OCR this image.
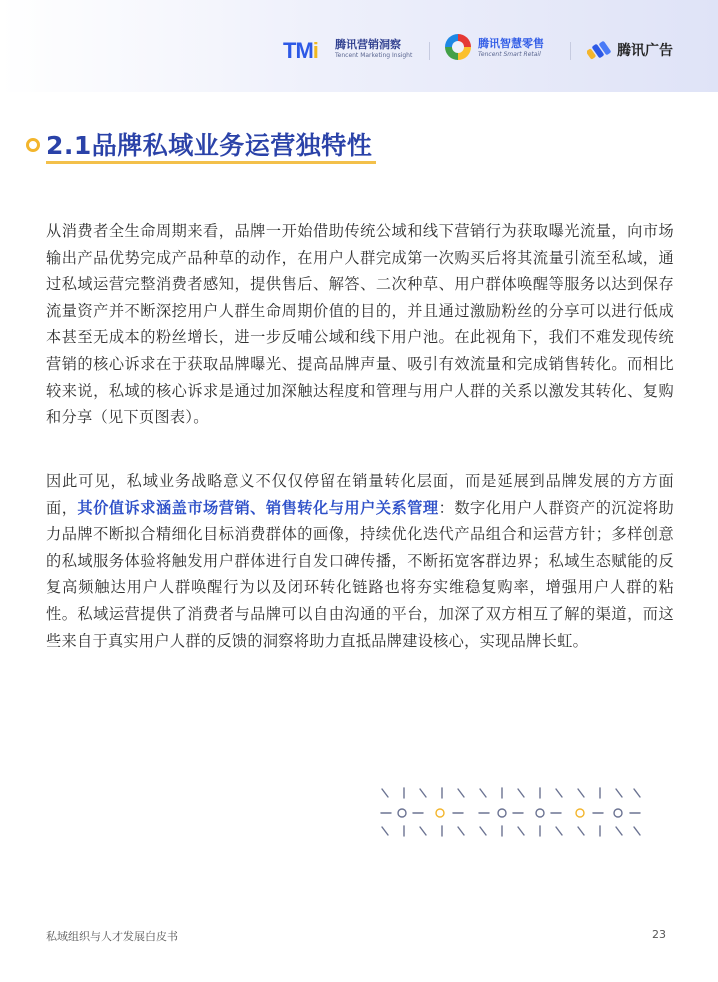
TMi 腾讯营销洞察
Tencent Marketing Insight
腾讯智慧零售
Tencent Smart Retail	腾讯广告
2.1品牌私域业务运营独特性
从消费者全生命周期来看，品牌一开始借助传统公域和线下营销行为获取曝光流量，向市场输出产品优势完成产品种草的动作，在用户人群完成第一次购买后将其流量引流至私域，通过私域运营完整消费者感知，提供售后、解答、二次种草、用户群体唤醒等服务以达到保存流量资产并不断深挖用户人群生命周期价值的目的，并且通过激励粉丝的分享可以进行低成本甚至无成本的粉丝增长，进一步反哺公域和线下用户池。在此视角下，我们不难发现传统营销的核心诉求在于获取品牌曝光、提高品牌声量、吸引有效流量和完成销售转化。而相比较来说，私域的核心诉求是通过加深触达程度和管理与用户人群的关系以激发其转化、复购和分享（见下页图表）。
因此可见，私域业务战略意义不仅仅停留在销量转化层面，而是延展到品牌发展的方方面面，其价值诉求涵盖市场营销、销售转化与用户关系管理：数字化用户人群资产的沉淀将助力品牌不断拟合精细化目标消费群体的画像，持续优化迭代产品组合和运营方针；多样创意的私域服务体验将触发用户群体进行自发口碑传播，不断拓宽客群边界；私域生态赋能的反复高频触达用户人群唤醒行为以及闭环转化链路也将夯实维稳复购率，增强用户人群的粘性。私域运营提供了消费者与品牌可以自由沟通的平台，加深了双方相互了解的渠道，而这些来自于真实用户人群的反馈的洞察将助力直抵品牌建设核心，实现品牌长虹。
私域组织与人才发展白皮书	23
